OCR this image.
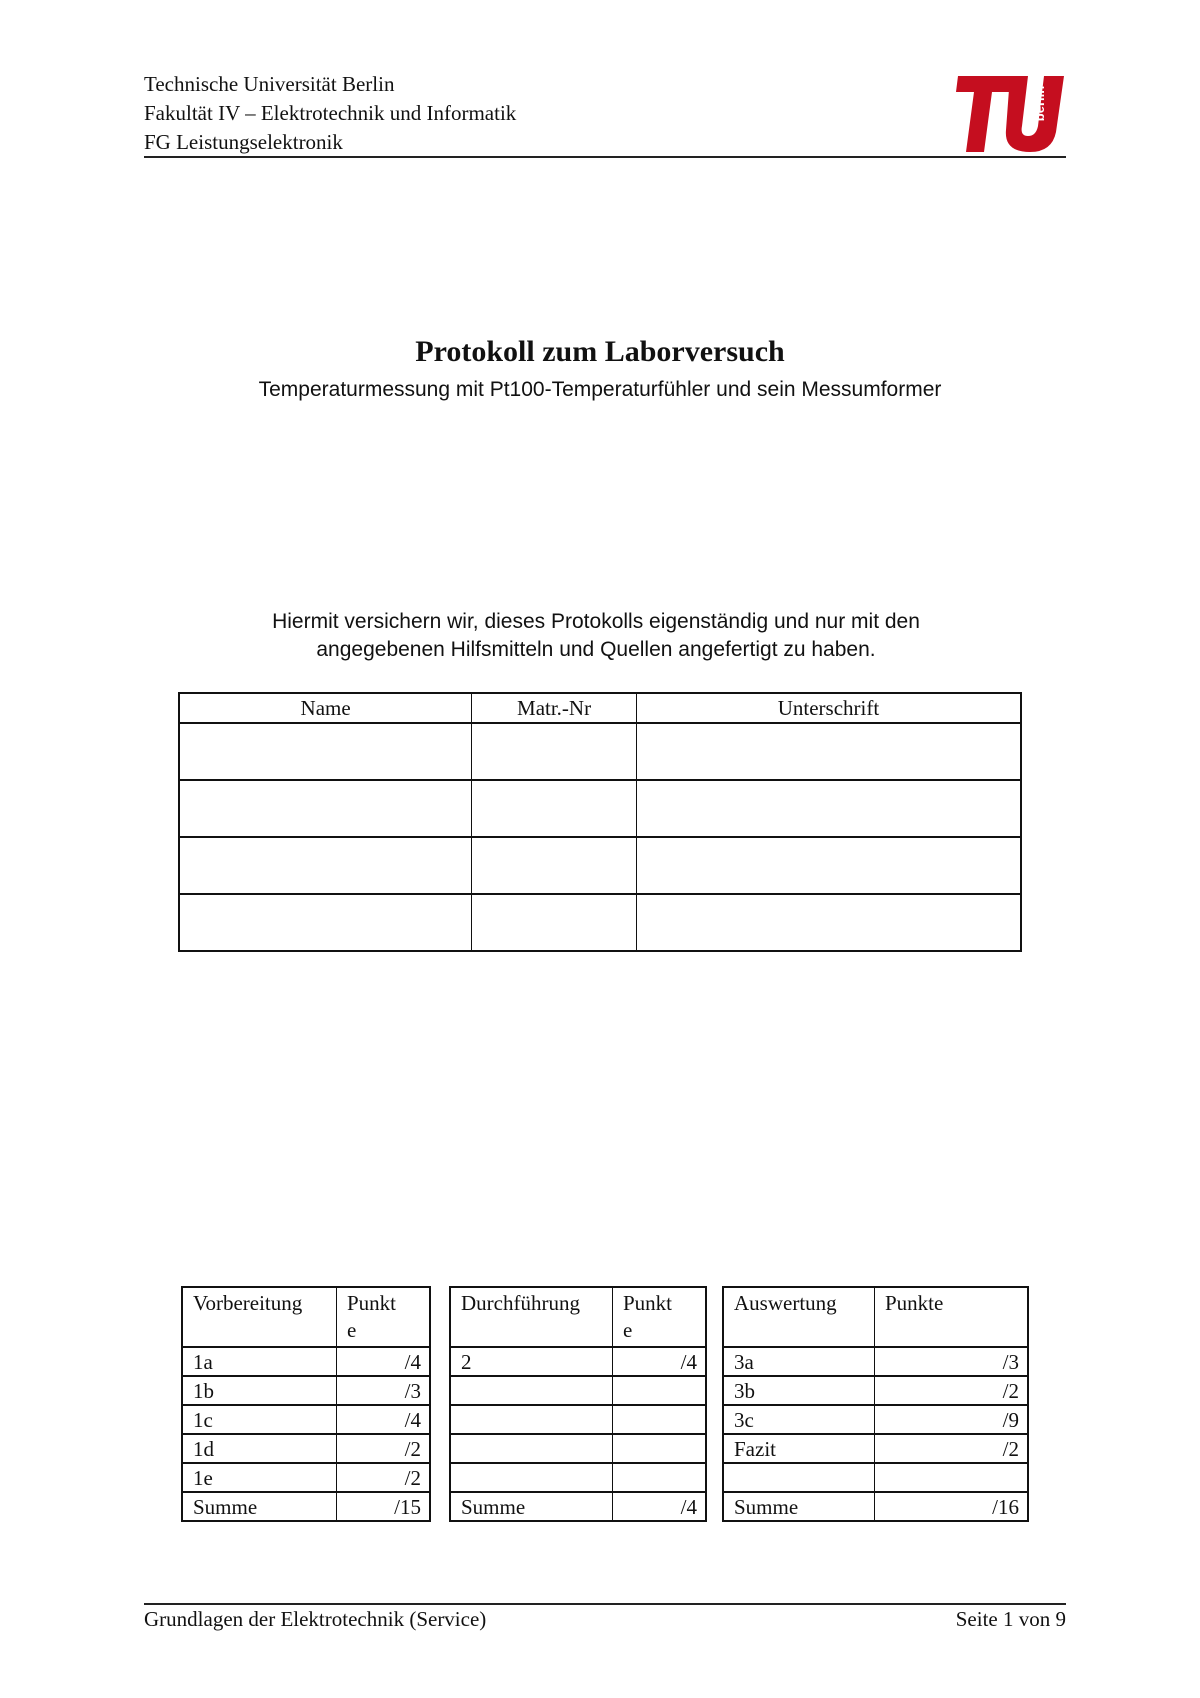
Technische Universität Berlin
Fakultät IV – Elektrotechnik und Informatik
FG Leistungselektronik
berlin
Protokoll zum Laborversuch
Temperaturmessung mit Pt100-Temperaturfühler und sein Messumformer
Hiermit versichern wir, dieses Protokolls eigenständig und nur mit den
angegebenen Hilfsmitteln und Quellen angefertigt zu haben.
Name	Matr.-Nr	Unterschrift

Vorbereitung	Punkte
1a	/4
1b	/3
1c	/4
1d	/2
1e	/2
Summe	/15
Durchführung	Punkte
2	/4

Summe	/4
Auswertung	Punkte
3a	/3
3b	/2
3c	/9
Fazit	/2

Summe	/16
Grundlagen der Elektrotechnik (Service)	Seite 1 von 9
